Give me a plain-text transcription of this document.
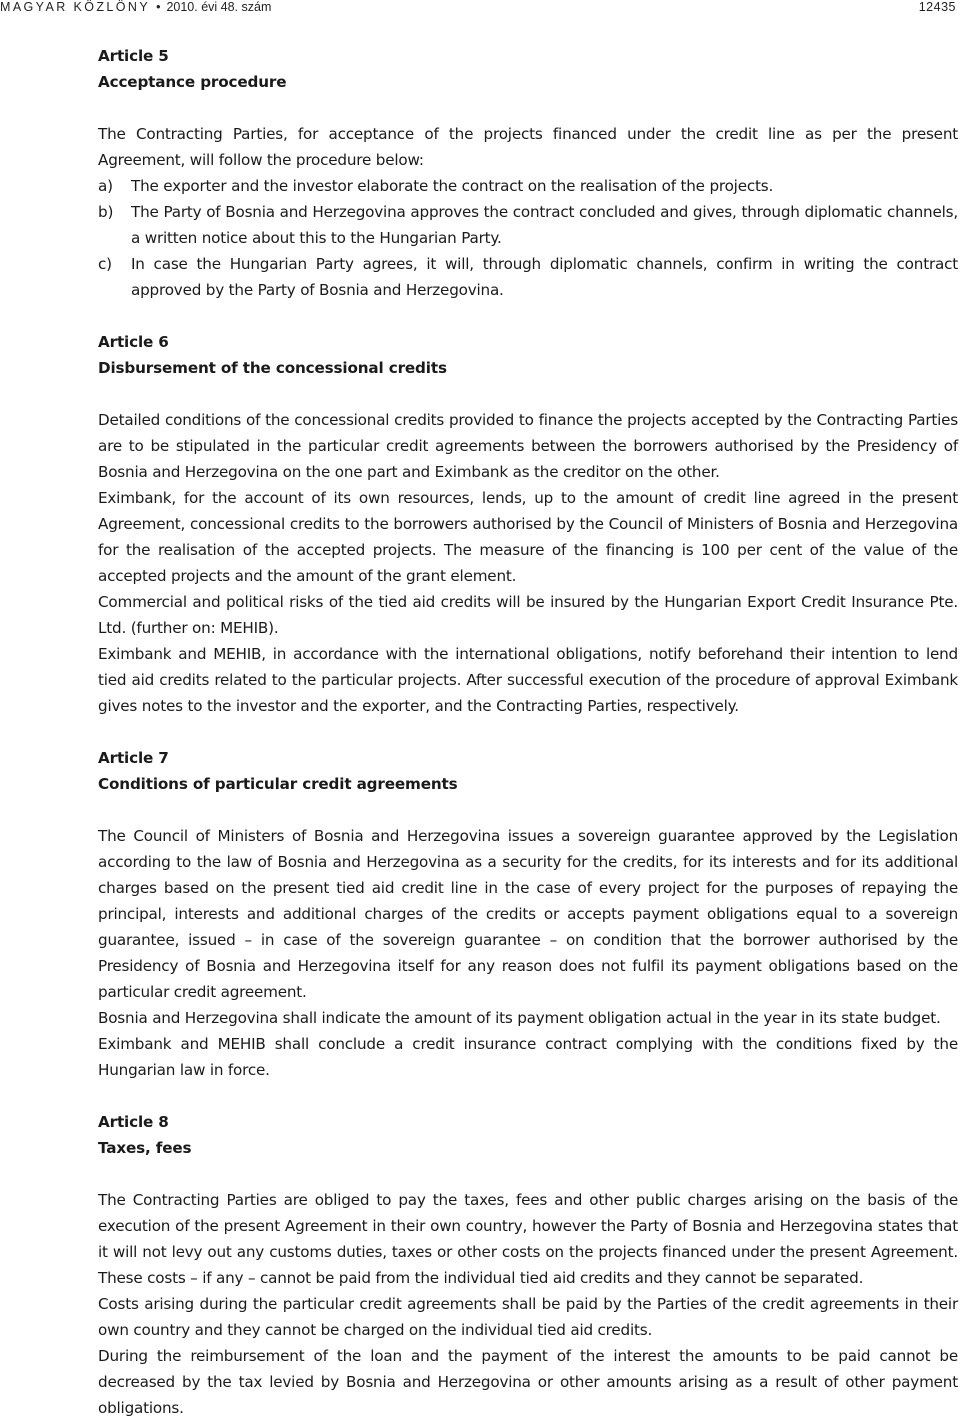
MAGYAR KÖZLÖNY • 2010. évi 48. szám	12435

Article 5

Acceptance procedure

The Contracting Parties, for acceptance of the projects financed under the credit line as per the present Agreement, will follow the procedure below:

a) The exporter and the investor elaborate the contract on the realisation of the projects.
b) The Party of Bosnia and Herzegovina approves the contract concluded and gives, through diplomatic channels, a written notice about this to the Hungarian Party.
c) In case the Hungarian Party agrees, it will, through diplomatic channels, confirm in writing the contract approved by the Party of Bosnia and Herzegovina.

Article 6

Disbursement of the concessional credits

Detailed conditions of the concessional credits provided to finance the projects accepted by the Contracting Parties are to be stipulated in the particular credit agreements between the borrowers authorised by the Presidency of Bosnia and Herzegovina on the one part and Eximbank as the creditor on the other.

Eximbank, for the account of its own resources, lends, up to the amount of credit line agreed in the present Agreement, concessional credits to the borrowers authorised by the Council of Ministers of Bosnia and Herzegovina for the realisation of the accepted projects. The measure of the financing is 100 per cent of the value of the accepted projects and the amount of the grant element.

Commercial and political risks of the tied aid credits will be insured by the Hungarian Export Credit Insurance Pte. Ltd. (further on: MEHIB).

Eximbank and MEHIB, in accordance with the international obligations, notify beforehand their intention to lend tied aid credits related to the particular projects. After successful execution of the procedure of approval Eximbank gives notes to the investor and the exporter, and the Contracting Parties, respectively.

Article 7

Conditions of particular credit agreements

The Council of Ministers of Bosnia and Herzegovina issues a sovereign guarantee approved by the Legislation according to the law of Bosnia and Herzegovina as a security for the credits, for its interests and for its additional charges based on the present tied aid credit line in the case of every project for the purposes of repaying the principal, interests and additional charges of the credits or accepts payment obligations equal to a sovereign guarantee, issued – in case of the sovereign guarantee – on condition that the borrower authorised by the Presidency of Bosnia and Herzegovina itself for any reason does not fulfil its payment obligations based on the particular credit agreement.

Bosnia and Herzegovina shall indicate the amount of its payment obligation actual in the year in its state budget.

Eximbank and MEHIB shall conclude a credit insurance contract complying with the conditions fixed by the Hungarian law in force.

Article 8

Taxes, fees

The Contracting Parties are obliged to pay the taxes, fees and other public charges arising on the basis of the execution of the present Agreement in their own country, however the Party of Bosnia and Herzegovina states that it will not levy out any customs duties, taxes or other costs on the projects financed under the present Agreement. These costs – if any – cannot be paid from the individual tied aid credits and they cannot be separated.

Costs arising during the particular credit agreements shall be paid by the Parties of the credit agreements in their own country and they cannot be charged on the individual tied aid credits.

During the reimbursement of the loan and the payment of the interest the amounts to be paid cannot be decreased by the tax levied by Bosnia and Herzegovina or other amounts arising as a result of other payment obligations.
